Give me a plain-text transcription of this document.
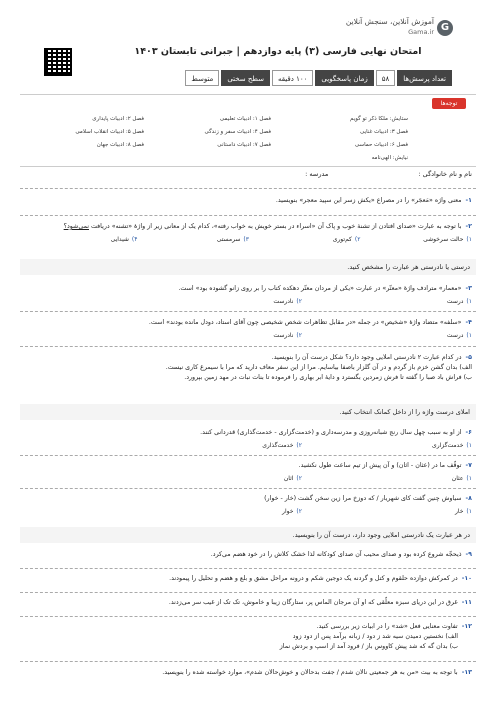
G
آموزش آنلاین، سنجش آنلاین
Gama.ir
امتحان نهایی فارسی (۳) پایه دوازدهم | جبرانی تابستان ۱۴۰۳
تعداد پرسش‌ها
۵۸
زمان پاسخگویی
۱۰۰ دقیقه
سطح سختی
متوسط
توجه‌ها
ستایش: ملکا ذکر تو گویم
فصل ۱: ادبیات تعلیمی
فصل ۲: ادبیات پایداری
فصل ۳: ادبیات غنایی
فصل ۴: ادبیات سفر و زندگی
فصل ۵: ادبیات انقلاب اسلامی
فصل ۶: ادبیات حماسی
فصل ۷: ادبیات داستانی
فصل ۸: ادبیات جهان
نیایش: الهی‌نامه
نام و نام خانوادگی :
مدرسه :
۱-معنی واژه «مَعجَر» را در مصراع «یکش زسر این سپید معجر» بنویسید.
۲-با توجه به عبارت «صدای افتادن از تشنهٔ خوب و پاک آن «اسراء در بستر خویش به خواب رفته»، کدام یک از معانی زیر از واژهٔ «تشنه» دریافت نمی‌شود؟
۱)حالت سرخوشی
۲)کم‌توری
۳)سرمستی
۴)شیدایی
درستی یا نادرستی هر عبارت را مشخص کنید.
۳-«معمار» مترادف واژهٔ «معتّر» در عبارت «یکی از مردان معتّر دهکده کتاب را بر روی زانو گشوده بود» است.
۱)درست
۲)نادرست
۴-«سلفه» متضاد واژهٔ «شخیص» در جمله «در مقابل تظاهرات شخص شخیصی چون آقای استاد، دودل مانده بودند» است.
۱)درست
۲)نادرست
۵-در کدام عبارت ۲ نادرستی املایی وجود دارد؟ شکل درست آن را بنویسید.
الف) بدان گشن خزم باز گردم و در آن گلزار باصفا بیاسایم. مرا از این سفر معاف دارید که مرا با سیمرغ کاری نیست.
ب) فراش باد صبا را گفته تا فرش زمردین بگسترد و دایهٔ ابر بهاری را فرموده تا بنات نبات در مهد زمین بپرورد.
املای درست واژه را از داخل کمانک انتخاب کنید.
۶-از او به سبب چهل سال رنج شبانه‌روزی و مدرسه‌داری و (خدمت‌گزاری - خدمت‌گذاری) قدردانی کنند.
۱)خدمت‌گزاری
۲)خدمت‌گذاری
۷-توقّف ما در (عثان - اثان) و آن پیش از تیم ساعت طول نکشید.
۱)عثان
۲)اثان
۸-سیاوش چنین گفت کای شهریار / که دوزخ مرا زین سخن گشت (خار - خوار)
۱)خار
۲)خوار
در هر عبارت یک نادرستی املایی وجود دارد، درست آن را بنویسید.
۹-ذیحجّه شروع کرده بود و صدای محیب آن صدای کودکانه لذا خشک کلاش را در خود هضم می‌کرد.
۱۰-در کمرکش دوازده حلقوم و کتل و گردنه یک دوجین شکم و درونه مراحل مشق و بلع و هضم و تحلیل را پیمودند.
۱۱-غرق در این دریای سبزه معلّقی که او آن مرجان الماس پر، ستارگان زیبا و خاموش، تک تک از غیب سر می‌زدند.
۱۲-تفاوت معنایی فعل «شد» را در ابیات زیر بررسی کنید.
الف) نخستین دمیدن سیه شد ز دود / زبانه برآمد پس از دود زود
ب) بدان گه که شد پیش کاووس باز / فرود آمد از اسپ و بردش نماز
۱۳-با توجه به بیت «من به هر جمعیتی نالان شدم / جفت بدحالان و خوش‌حالان شدم»، موارد خواسته شده را بنویسید.
